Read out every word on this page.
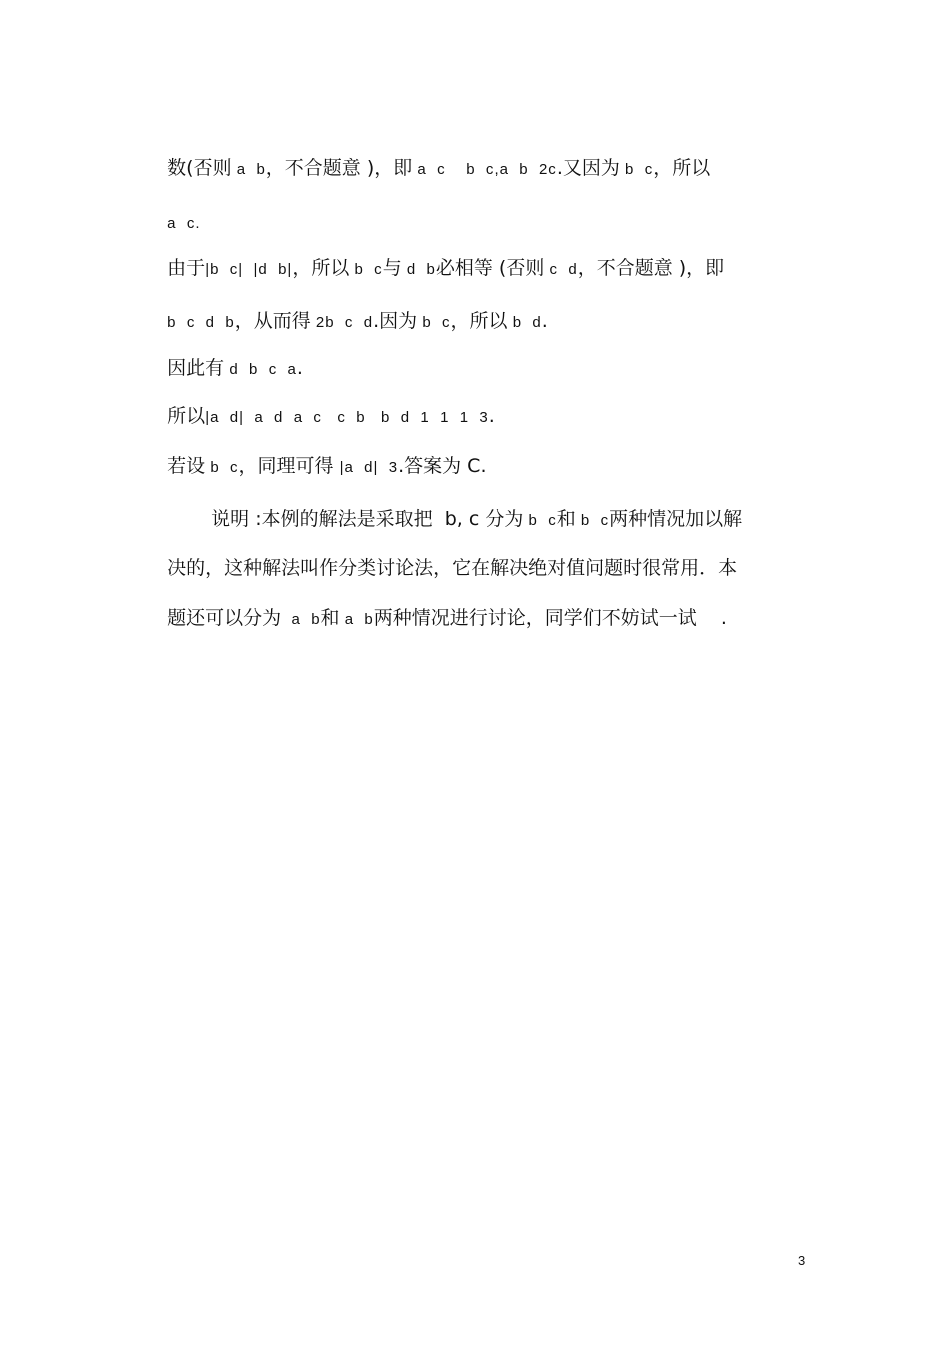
数(否则 a  b，不合题意 )，即 a  c    b  c,a  b  2c.又因为 b  c，所以

a  c.

由于|b  c|  |d  b|，所以 b  c与 d  b必相等 (否则 c  d，不合题意 )，即

b  c  d  b，从而得 2b  c  d.因为 b  c，所以 b  d.

因此有 d  b  c  a.

所以|a  d|  a  d  a  c   c  b   b  d  1  1  1  3.

若设 b  c，同理可得 |a  d|  3.答案为 C.

说明 :本例的解法是采取把  b, c 分为 b  c和 b  c两种情况加以解

决的，这种解法叫作分类讨论法，它在解决绝对值问题时很常用．本

题还可以分为  a  b和 a  b两种情况进行讨论，同学们不妨试一试    .

3
